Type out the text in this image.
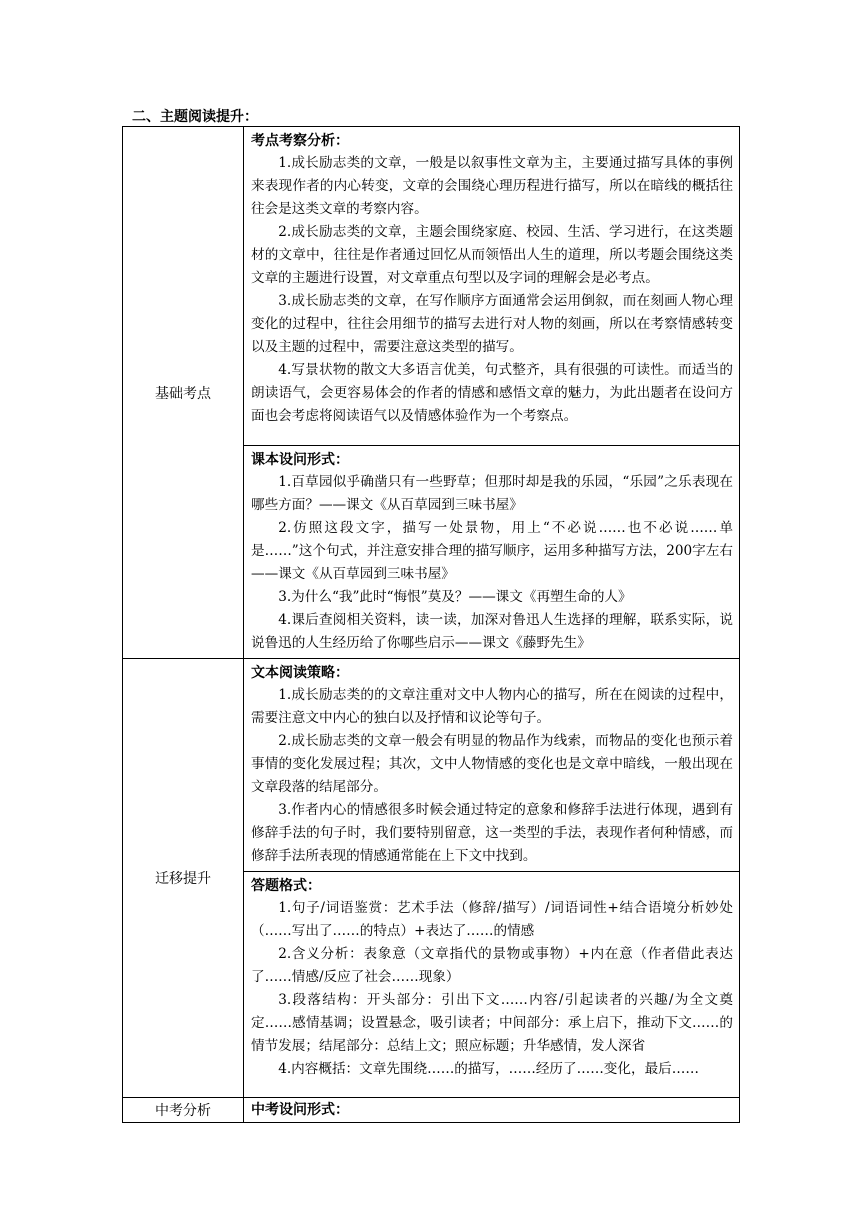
二、主题阅读提升：
基础考点	考点考察分析：

1.成长励志类的文章，一般是以叙事性文章为主，主要通过描写具体的事例来表现作者的内心转变，文章的会围绕心理历程进行描写，所以在暗线的概括往往会是这类文章的考察内容。

2.成长励志类的文章，主题会围绕家庭、校园、生活、学习进行，在这类题材的文章中，往往是作者通过回忆从而领悟出人生的道理，所以考题会围绕这类文章的主题进行设置，对文章重点句型以及字词的理解会是必考点。

3.成长励志类的文章，在写作顺序方面通常会运用倒叙，而在刻画人物心理变化的过程中，往往会用细节的描写去进行对人物的刻画，所以在考察情感转变以及主题的过程中，需要注意这类型的描写。

4.写景状物的散文大多语言优美，句式整齐，具有很强的可读性。而适当的朗读语气，会更容易体会的作者的情感和感悟文章的魅力，为此出题者在设问方面也会考虑将阅读语气以及情感体验作为一个考察点。

	课本设问形式：

1.百草园似乎确凿只有一些野草；但那时却是我的乐园，“乐园”之乐表现在哪些方面？——课文《从百草园到三味书屋》

2.仿照这段文字，描写一处景物，用上“不必说……也不必说……单是……”这个句式，并注意安排合理的描写顺序，运用多种描写方法，200字左右——课文《从百草园到三味书屋》

3.为什么“我”此时“悔恨”莫及？——课文《再塑生命的人》

4.课后查阅相关资料，读一读，加深对鲁迅人生选择的理解，联系实际，说说鲁迅的人生经历给了你哪些启示——课文《藤野先生》

迁移提升	文本阅读策略：

1.成长励志类的的文章注重对文中人物内心的描写，所在在阅读的过程中，需要注意文中内心的独白以及抒情和议论等句子。

2.成长励志类的文章一般会有明显的物品作为线索，而物品的变化也预示着事情的变化发展过程；其次，文中人物情感的变化也是文章中暗线，一般出现在文章段落的结尾部分。

3.作者内心的情感很多时候会通过特定的意象和修辞手法进行体现，遇到有修辞手法的句子时，我们要特别留意，这一类型的手法，表现作者何种情感，而修辞手法所表现的情感通常能在上下文中找到。

	答题格式：

1.句子/词语鉴赏：艺术手法（修辞/描写）/词语词性+结合语境分析妙处（……写出了……的特点）+表达了……的情感

2.含义分析：表象意（文章指代的景物或事物）+内在意（作者借此表达了……情感/反应了社会……现象）

3.段落结构：开头部分：引出下文……内容/引起读者的兴趣/为全文奠定……感情基调；设置悬念，吸引读者；中间部分：承上启下，推动下文……的情节发展；结尾部分：总结上文；照应标题；升华感情，发人深省

4.内容概括：文章先围绕……的描写，……经历了……变化，最后……

中考分析	中考设问形式：
